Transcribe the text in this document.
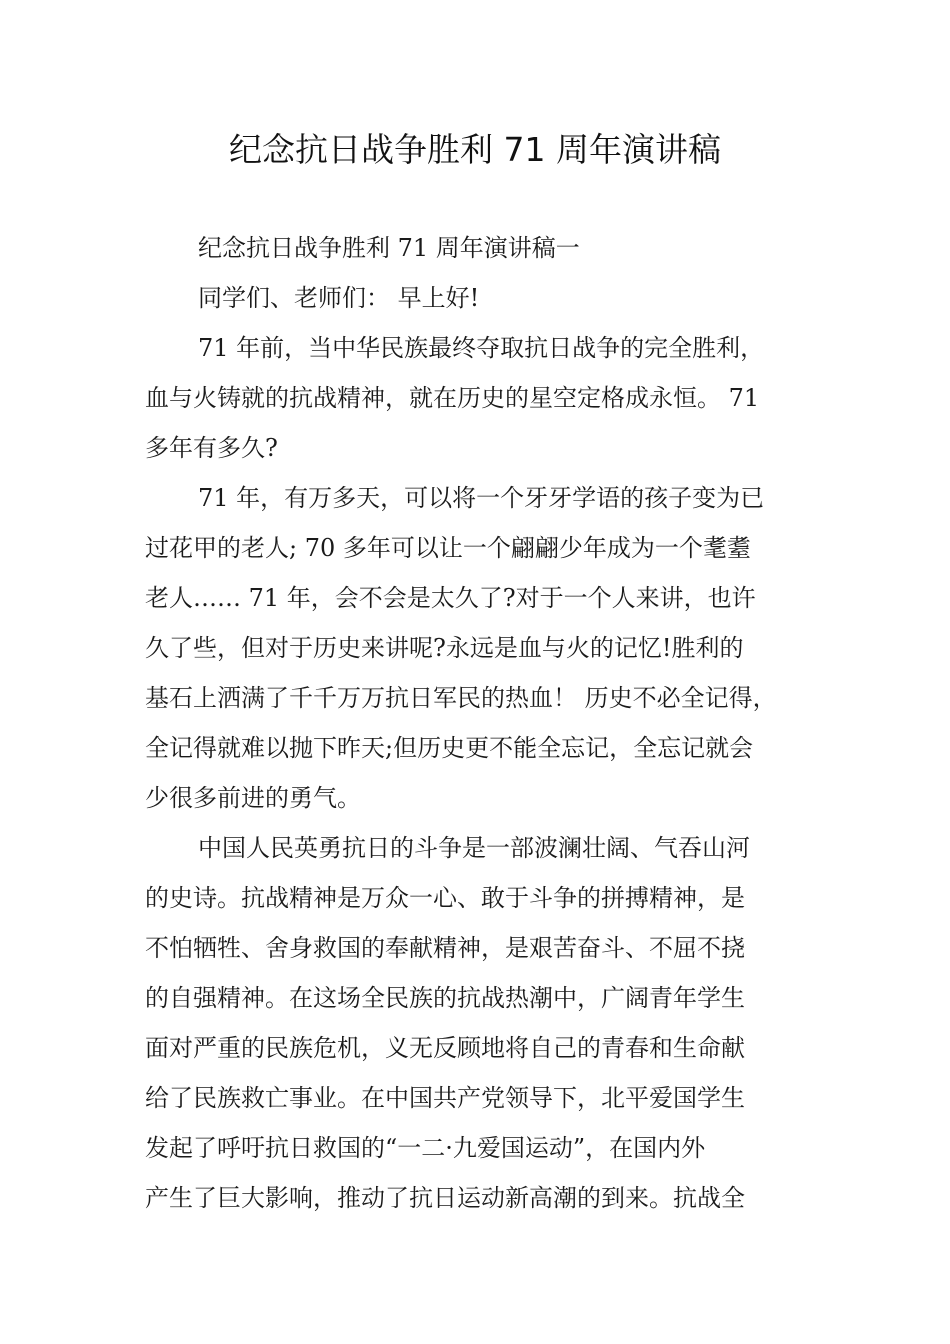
纪念抗日战争胜利 71 周年演讲稿
纪念抗日战争胜利 71 周年演讲稿一
同学们、老师们： 早上好!
71 年前，当中华民族最终夺取抗日战争的完全胜利，
血与火铸就的抗战精神，就在历史的星空定格成永恒。 71
多年有多久?
71 年，有万多天，可以将一个牙牙学语的孩子变为已
过花甲的老人; 70 多年可以让一个翩翩少年成为一个耄耋
老人…… 71 年，会不会是太久了?对于一个人来讲，也许
久了些，但对于历史来讲呢?永远是血与火的记忆!胜利的
基石上洒满了千千万万抗日军民的热血！ 历史不必全记得，
全记得就难以抛下昨天;但历史更不能全忘记，全忘记就会
少很多前进的勇气。
中国人民英勇抗日的斗争是一部波澜壮阔、气吞山河
的史诗。抗战精神是万众一心、敢于斗争的拼搏精神，是
不怕牺牲、舍身救国的奉献精神，是艰苦奋斗、不屈不挠
的自强精神。在这场全民族的抗战热潮中，广阔青年学生
面对严重的民族危机，义无反顾地将自己的青春和生命献
给了民族救亡事业。在中国共产党领导下，北平爱国学生
发起了呼吁抗日救国的“一二·九爱国运动”，在国内外
产生了巨大影响，推动了抗日运动新高潮的到来。抗战全
